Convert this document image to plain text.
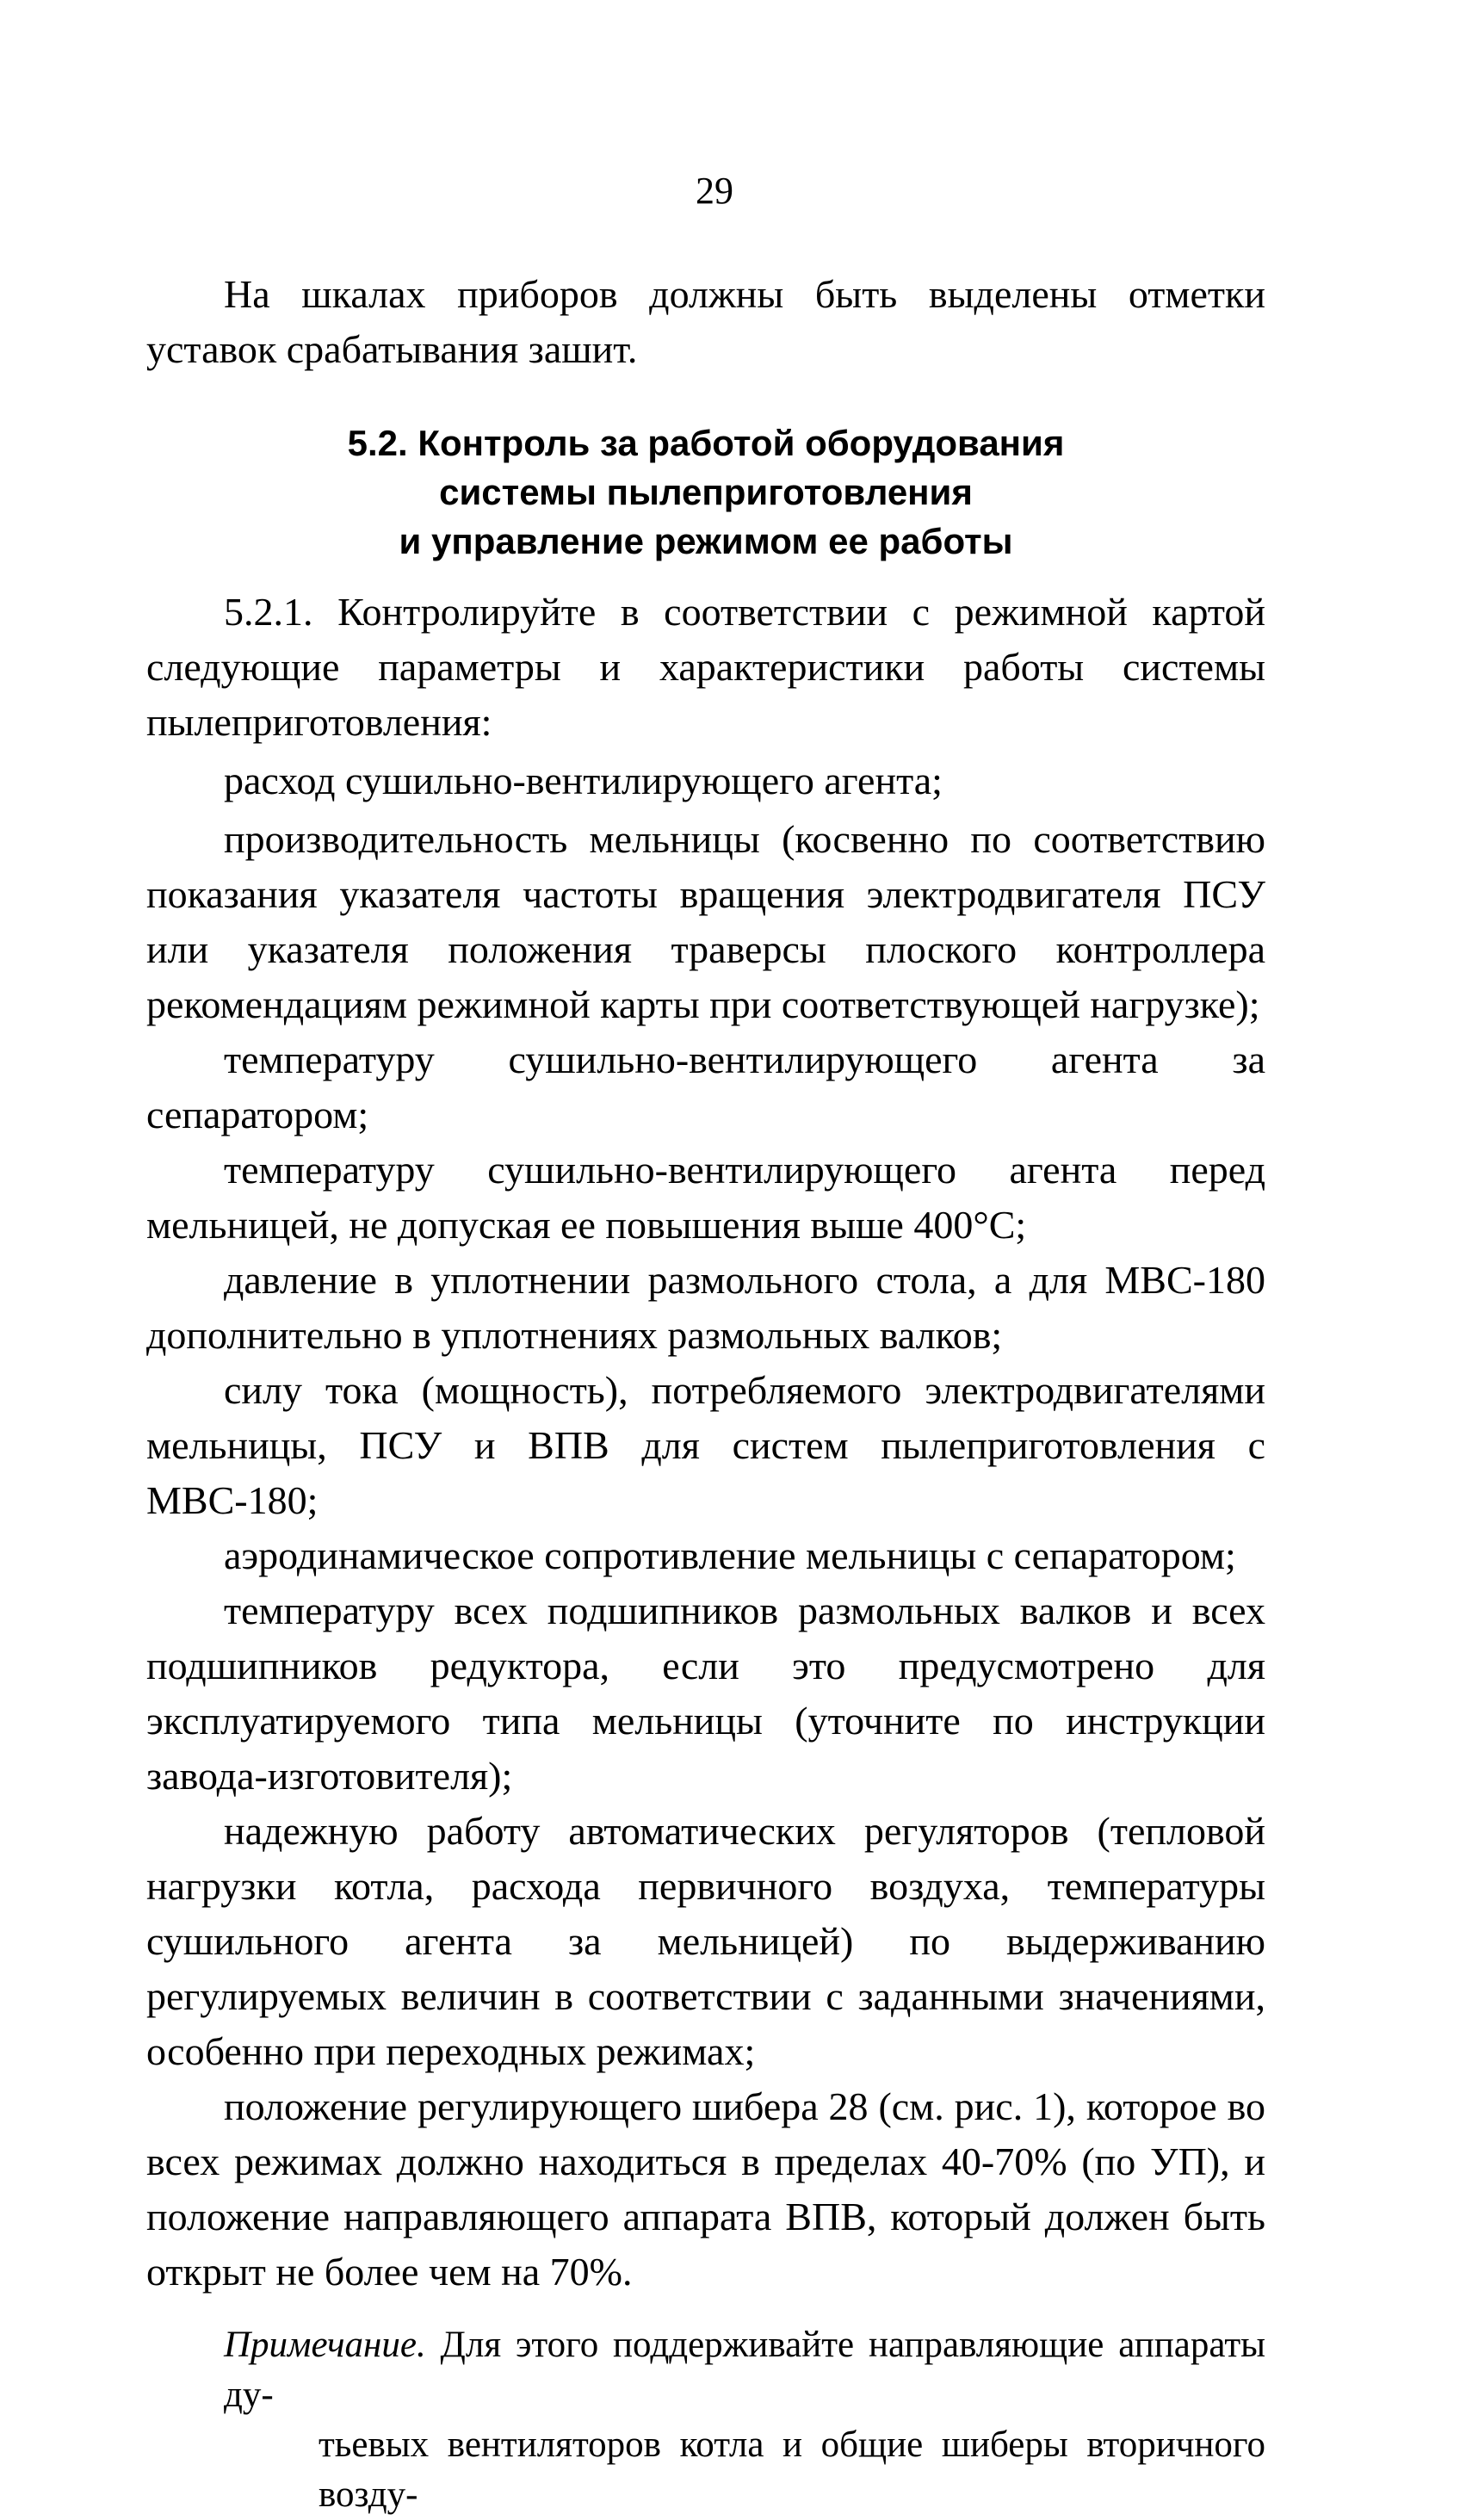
29

На шкалах приборов должны быть выделены отметки уставок срабатывания зашит.

5.2. Контроль за работой оборудования
системы пылеприготовления
и управление режимом ее работы

5.2.1. Контролируйте в соответствии с режимной картой следующие параметры и характеристики работы системы пылеприготовления:

расход сушильно-вентилирующего агента;

производительность мельницы (косвенно по соответствию показания указателя частоты вращения электродвигателя ПСУ или указателя положения траверсы плоского контроллера рекомендациям режимной карты при соответствующей нагрузке);

температуру сушильно-вентилирующего агента за сепаратором;

температуру сушильно-вентилирующего агента перед мельницей, не допуская ее повышения выше 400°С;

давление в уплотнении размольного стола, а для МВС-180 дополнительно в уплотнениях размольных валков;

силу тока (мощность), потребляемого электродвигателями мельницы, ПСУ и ВПВ для систем пылеприготовления с МВС-180;

аэродинамическое сопротивление мельницы с сепаратором;

температуру всех подшипников размольных валков и всех подшипников редуктора, если это предусмотрено для эксплуатируемого типа мельницы (уточните по инструкции завода-изготовителя);

надежную работу автоматических регуляторов (тепловой нагрузки котла, расхода первичного воздуха, температуры сушильного агента за мельницей) по выдерживанию регулируемых величин в соответствии с заданными значениями, особенно при переходных режимах;

положение регулирующего шибера 28 (см. рис. 1), которое во всех режимах должно находиться в пределах 40-70% (по УП), и положение направляющего аппарата ВПВ, который должен быть открыт не более чем на 70%.

Примечание. Для этого поддерживайте направляющие аппараты ду-
тьевых вентиляторов котла и общие шиберы вторичного возду-
